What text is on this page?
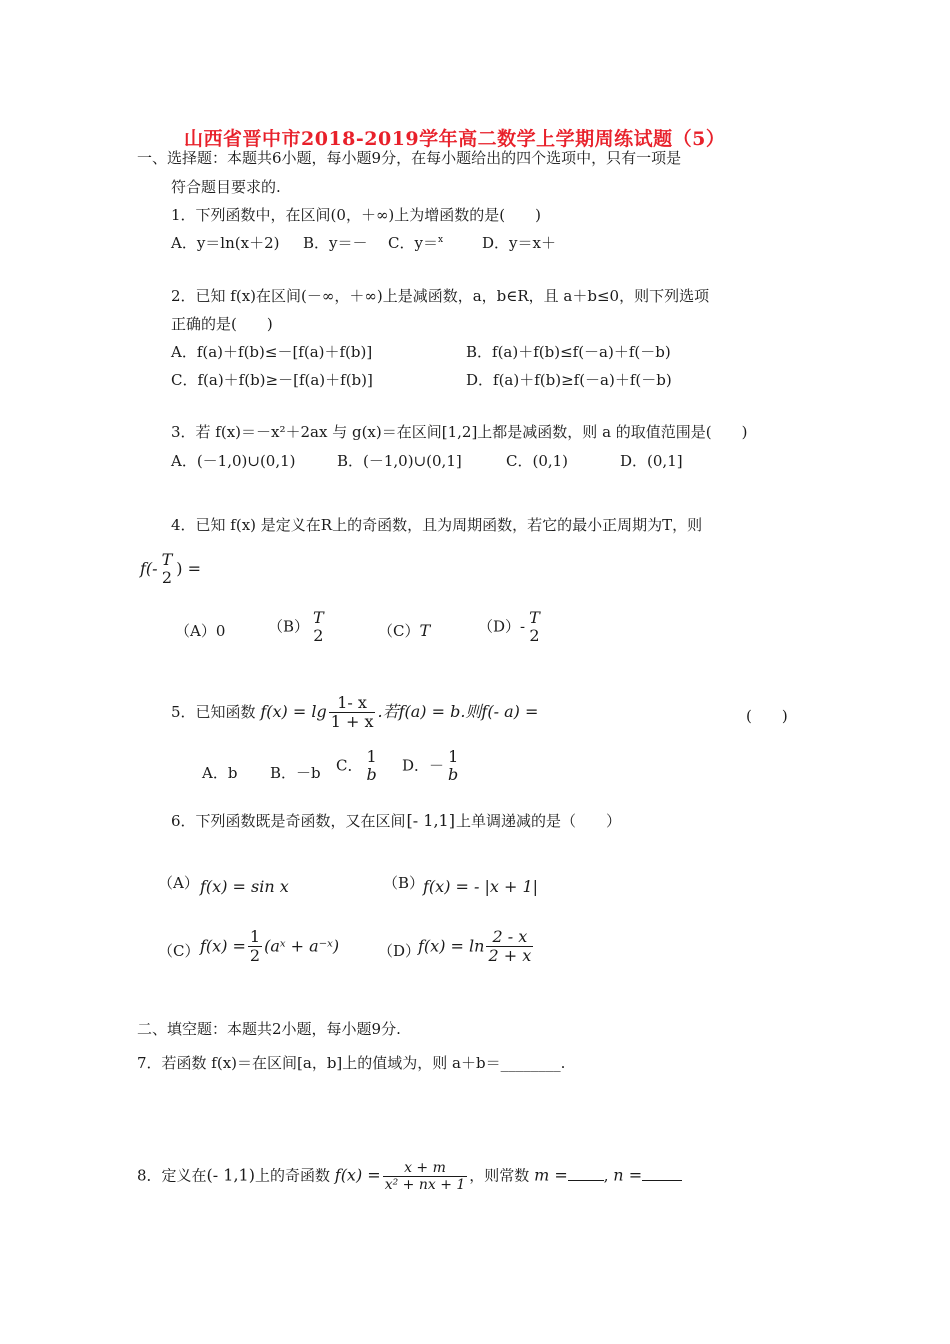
山西省晋中市2018-2019学年高二数学上学期周练试题（5）
一、选择题：本题共6小题，每小题9分，在每小题给出的四个选项中，只有一项是
符合题目要求的.
1．下列函数中，在区间(0，＋∞)上为增函数的是(　　)
A．y＝ln(x＋2) B．y＝－ C．y＝$^x$	D．y＝x＋
2．已知 f(x)在区间(－∞，＋∞)上是减函数，a，b∈R，且 a＋b≤0，则下列选项
正确的是(　　)
A．f(a)＋f(b)≤－[f(a)＋f(b)]	B．f(a)＋f(b)≤f(－a)＋f(－b)
C．f(a)＋f(b)≥－[f(a)＋f(b)]	D．f(a)＋f(b)≥f(－a)＋f(－b)
3．若 f(x)＝－x²＋2ax 与 g(x)＝在区间[1,2]上都是减函数，则 a 的取值范围是(　　)
A．(－1,0)∪(0,1)	B．(－1,0)∪(0,1]	C．(0,1)	D．(0,1]
4．已知 f(x) 是定义在R上的奇函数，且为周期函数，若它的最小正周期为T，则
f(- T
2 ) =
（A）0	（B） T
2	（C）T	（D）- T
2
5．已知函数 $f(x) = \lg \frac{1- x}{1 + x}$ .若f(a) = b.则f(- a) =	(　　)
A．b B．－b C． 1
b D．－ 1
b
6．下列函数既是奇函数，又在区间[- 1,1]上单调递减的是（　　）
（A） f(x) = sin x	（B）
f(x) = - |x + 1|
（C） $f(x) = \frac{1}{2}$ (aˣ + a⁻ˣ)	（D）
$f(x) = \ln \frac{2 - x}{2 + x}$
二、填空题：本题共2小题，每小题9分.
7．若函数 f(x)＝在区间[a，b]上的值域为，则 a＋b＝________.
8．定义在(- 1,1)上的奇函数 $f(x) = \frac{x + m}{\text{x² + nx + 1}}$ ，则常数 m = , n =
